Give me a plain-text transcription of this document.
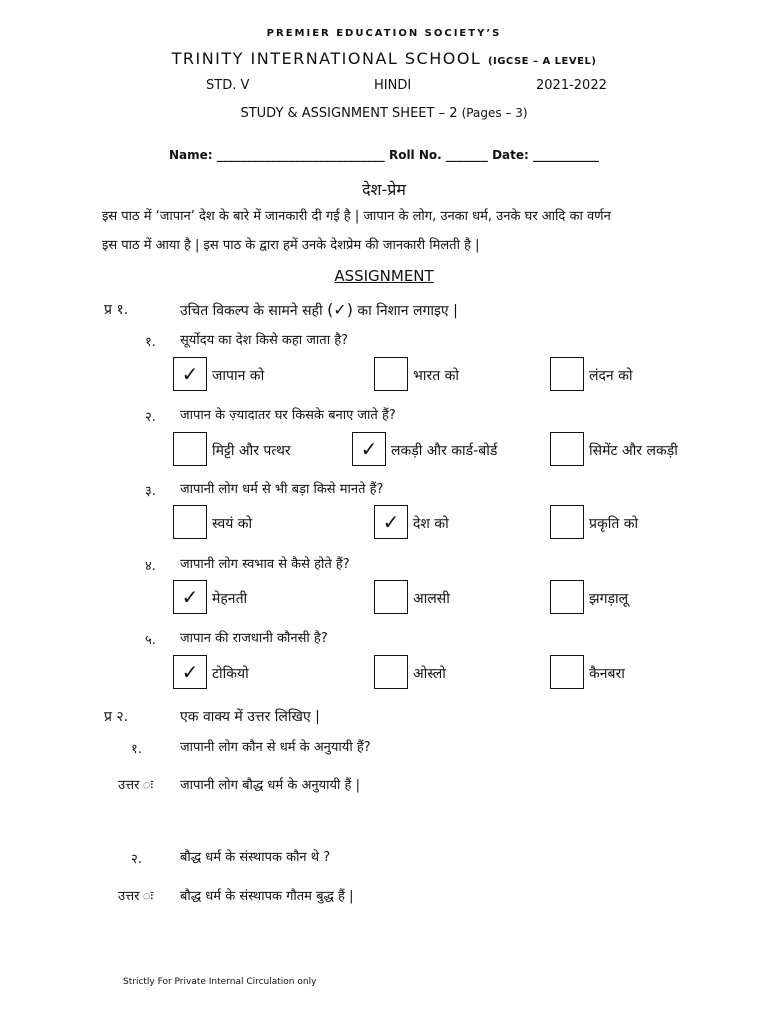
PREMIER EDUCATION SOCIETY’S
TRINITY INTERNATIONAL SCHOOL (IGCSE – A LEVEL)
STD. V	HINDI	2021-2022
STUDY & ASSIGNMENT SHEET – 2 (Pages – 3)
Name: ____________________________ Roll No. _______ Date: ___________
देश-प्रेम
इस पाठ में ‘जापान’ देश के बारे में जानकारी दी गई है | जापान के लोग, उनका धर्म, उनके घर आदि का वर्णन
इस पाठ में आया है | इस पाठ के द्वारा हमें उनके देशप्रेम की जानकारी मिलती है |
ASSIGNMENT
प्र १.	उचित विकल्प के सामने सही (✓) का निशान लगाइए |
१. सूर्योदय का देश किसे कहा जाता है?
✓ जापान को	भारत को	लंदन को
२. जापान के ज़्यादातर घर किसके बनाए जाते हैं?
मिट्टी और पत्थर	✓ लकड़ी और कार्ड-बोर्ड	सिमेंट और लकड़ी
३. जापानी लोग धर्म से भी बड़ा किसे मानते हैं?
स्वयं को	✓ देश को	प्रकृति को
४. जापानी लोग स्वभाव से कैसे होते हैं?
✓ मेहनती	आलसी	झगड़ालू
५. जापान की राजधानी कौनसी है?
✓ टोकियो	ओस्लो	कैनबरा
प्र २.	एक वाक्य में उत्तर लिखिए |
१.	जापानी लोग कौन से धर्म के अनुयायी हैं?
उत्तर ः जापानी लोग बौद्ध धर्म के अनुयायी हैं |
२.	बौद्ध धर्म के संस्थापक कौन थे ?
उत्तर ः बौद्ध धर्म के संस्थापक गौतम बुद्ध हैं |
Strictly For Private Internal Circulation only
